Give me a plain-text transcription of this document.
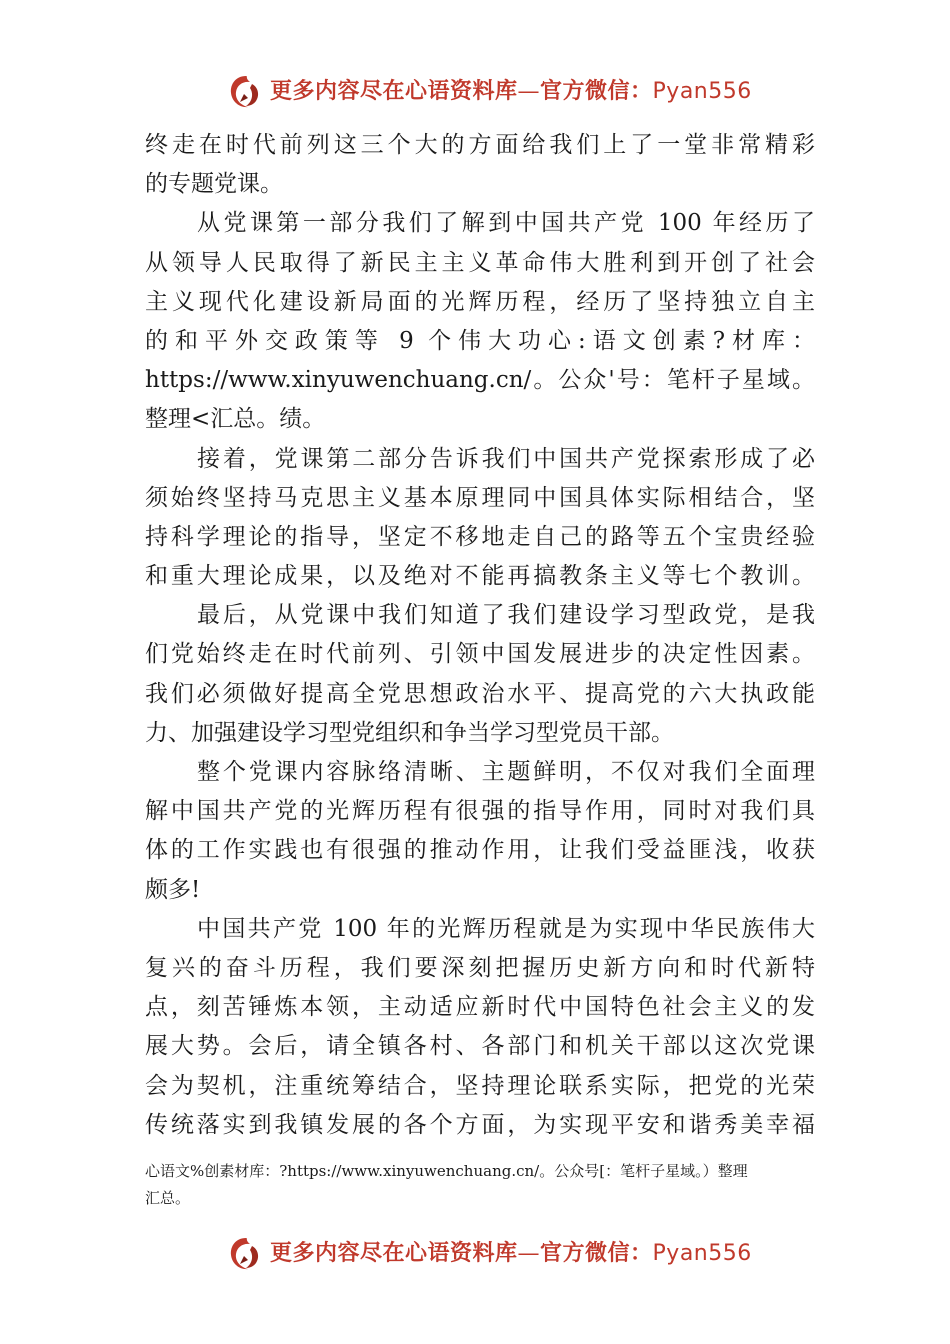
更多内容尽在心语资料库—官方微信：Pyan556
终走在时代前列这三个大的方面给我们上了一堂非常精彩
的专题党课。
从党课第一部分我们了解到中国共产党 100 年经历了
从领导人民取得了新民主主义革命伟大胜利到开创了社会
主义现代化建设新局面的光辉历程，经历了坚持独立自主
的和平外交政策等 9 个伟大功心:语文创素?材库：
https://www.xinyuwenchuang.cn/。公众'号：笔杆子星域。
整理<汇总。绩。
接着，党课第二部分告诉我们中国共产党探索形成了必
须始终坚持马克思主义基本原理同中国具体实际相结合，坚
持科学理论的指导，坚定不移地走自己的路等五个宝贵经验
和重大理论成果，以及绝对不能再搞教条主义等七个教训。
最后，从党课中我们知道了我们建设学习型政党，是我
们党始终走在时代前列、引领中国发展进步的决定性因素。
我们必须做好提高全党思想政治水平、提高党的六大执政能
力、加强建设学习型党组织和争当学习型党员干部。
整个党课内容脉络清晰、主题鲜明，不仅对我们全面理
解中国共产党的光辉历程有很强的指导作用，同时对我们具
体的工作实践也有很强的推动作用，让我们受益匪浅，收获
颇多!
中国共产党 100 年的光辉历程就是为实现中华民族伟大
复兴的奋斗历程，我们要深刻把握历史新方向和时代新特
点，刻苦锤炼本领，主动适应新时代中国特色社会主义的发
展大势。会后，请全镇各村、各部门和机关干部以这次党课
会为契机，注重统筹结合，坚持理论联系实际，把党的光荣
传统落实到我镇发展的各个方面，为实现平安和谐秀美幸福
心语文%创素材库：?https://www.xinyuwenchuang.cn/。公众号[：笔杆子星域。）整理
汇总。
更多内容尽在心语资料库—官方微信：Pyan556
